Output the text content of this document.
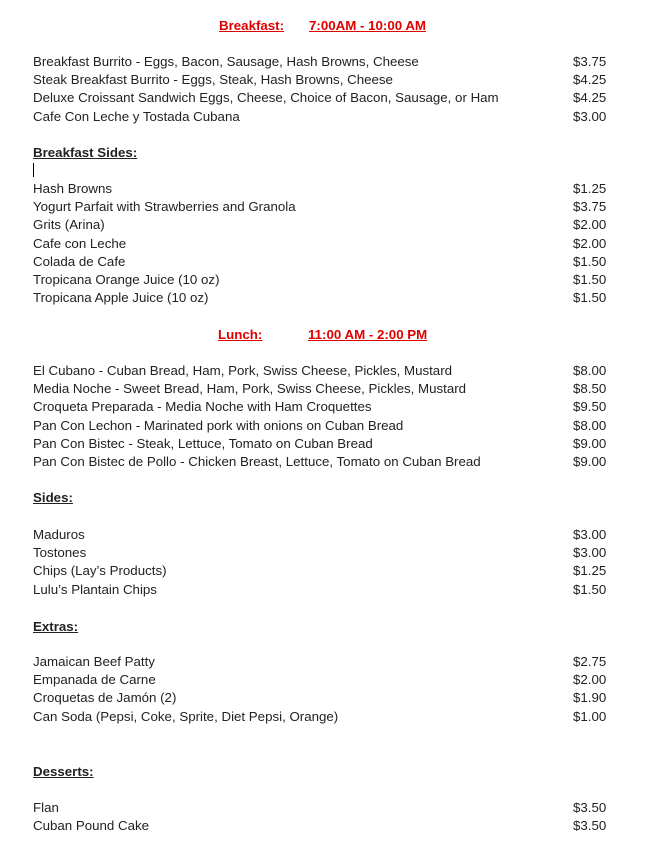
Breakfast: 7:00AM - 10:00 AM
Breakfast Burrito - Eggs, Bacon, Sausage, Hash Browns, Cheese	$3.75
Steak Breakfast Burrito - Eggs, Steak, Hash Browns, Cheese	$4.25
Deluxe Croissant Sandwich Eggs, Cheese, Choice of Bacon, Sausage, or Ham	$4.25
Cafe Con Leche y Tostada Cubana	$3.00
Breakfast Sides:
Hash Browns	$1.25
Yogurt Parfait with Strawberries and Granola	$3.75
Grits (Arina)	$2.00
Cafe con Leche	$2.00
Colada de Cafe	$1.50
Tropicana Orange Juice (10 oz)	$1.50
Tropicana Apple Juice (10 oz)	$1.50
Lunch:	11:00 AM - 2:00 PM
El Cubano - Cuban Bread, Ham, Pork, Swiss Cheese, Pickles, Mustard	$8.00
Media Noche - Sweet Bread, Ham, Pork, Swiss Cheese, Pickles, Mustard	$8.50
Croqueta Preparada - Media Noche with Ham Croquettes	$9.50
Pan Con Lechon - Marinated pork with onions on Cuban Bread	$8.00
Pan Con Bistec - Steak, Lettuce, Tomato on Cuban Bread	$9.00
Pan Con Bistec de Pollo - Chicken Breast, Lettuce, Tomato on Cuban Bread	$9.00
Sides:
Maduros	$3.00
Tostones	$3.00
Chips (Lay’s Products)	$1.25
Lulu’s Plantain Chips	$1.50
Extras:
Jamaican Beef Patty	$2.75
Empanada de Carne	$2.00
Croquetas de Jamón (2)	$1.90
Can Soda (Pepsi, Coke, Sprite, Diet Pepsi, Orange)	$1.00
Desserts:
Flan	$3.50
Cuban Pound Cake	$3.50
